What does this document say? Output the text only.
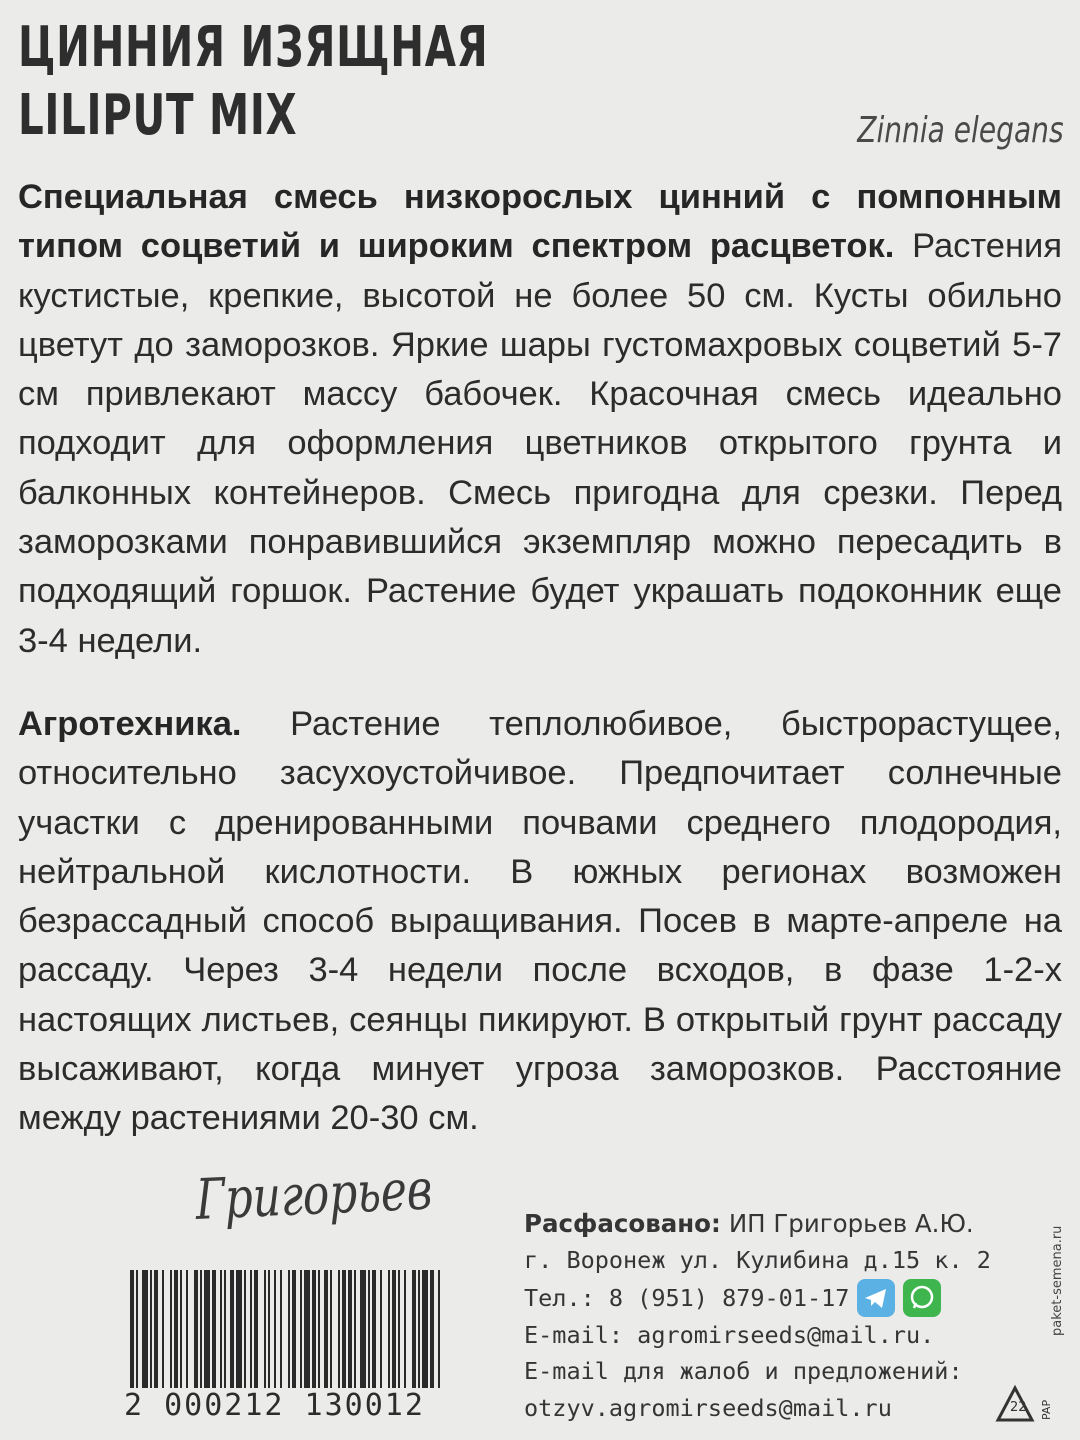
ЦИННИЯ ИЗЯЩНАЯ
LILIPUT MIX	Zinnia elegans

Специальная смесь низкорослых цинний с помпонным типом соцветий и широким спектром расцветок. Растения кустистые, крепкие, высотой не более 50 см. Кусты обильно цветут до заморозков. Яркие шары густомахровых соцветий 5-7 см привлекают массу бабочек. Красочная смесь идеально подходит для оформления цветников открытого грунта и балконных контейнеров. Смесь пригодна для срезки. Перед заморозками понравившийся экземпляр можно пересадить в подходящий горшок. Растение будет украшать подоконник еще 3-4 недели.

Агротехника. Растение теплолюбивое, быстрорастущее, относительно засухоустойчивое. Предпочитает солнечные участки с дренированными почвами среднего плодородия, нейтральной кислотности. В южных регионах возможен безрассадный способ выращивания. Посев в марте-апреле на рассаду. Через 3-4 недели после всходов, в фазе 1-2-х настоящих листьев, сеянцы пикируют. В открытый грунт рассаду высаживают, когда минует угроза заморозков. Расстояние между растениями 20-30 см.

Григорьев
2 000212 130012
Расфасовано: ИП Григорьев А.Ю.
г. Воронеж ул. Кулибина д.15 к. 2
Тел.: 8 (951) 879-01-17
E-mail: agromirseeds@mail.ru.
E-mail для жалоб и предложений:
otzyv.agromirseeds@mail.ru
paket-semena.ru
22 PAP
